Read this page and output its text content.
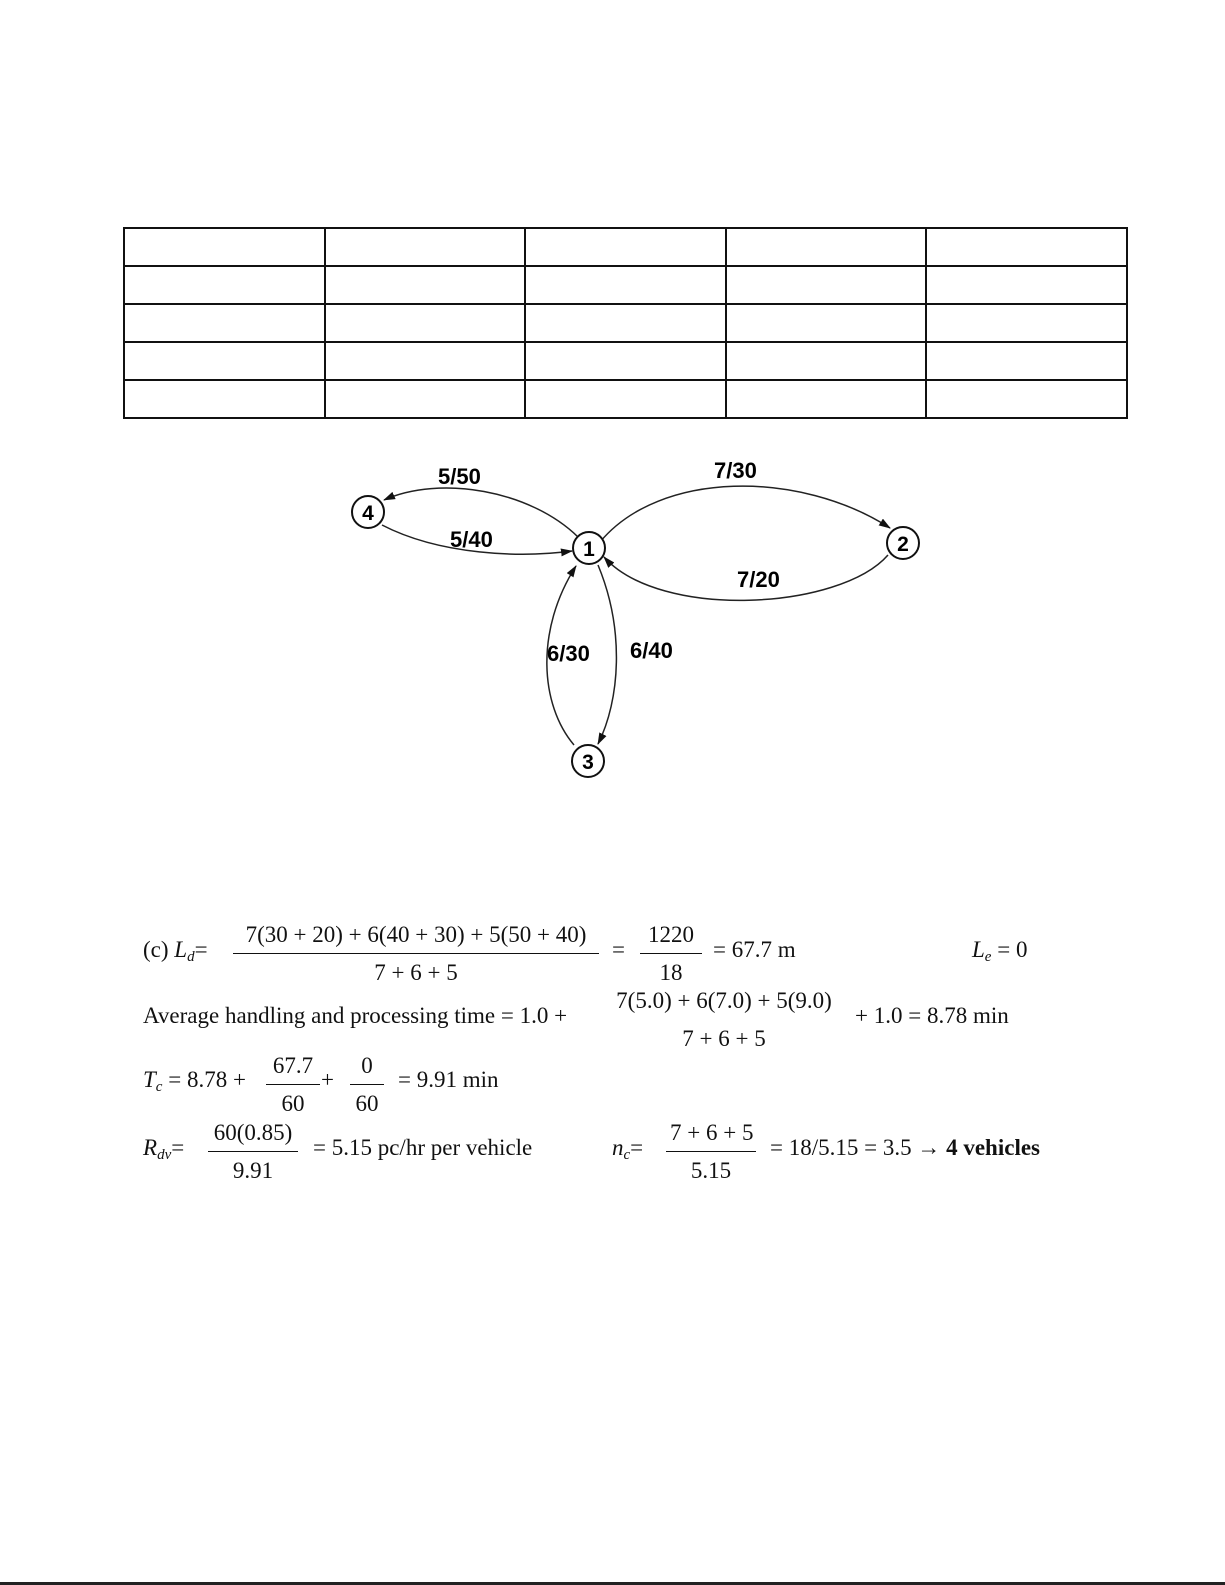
7/30
7/20
6/40
6/30
5/50
5/40	1	2
3
4
(c) $L_d=$
7(30 + 20) + 6(40 + 30) + 5(50 + 40)
7 + 6 + 5
=
1220
18
= 67.7 m	$L_e = 0$
Average handling and processing time = 1.0 +
7(5.0) + 6(7.0) + 5(9.0)
7 + 6 + 5
+ 1.0 = 8.78 min
$T_c = 8.78$ +
67.7
60
+
0
60
= 9.91 min
$R_{dv}=$
60(0.85)
9.91
= 5.15 pc/hr per vehicle	$n_c=$
7 + 6 + 5
5.15
= 18/5.15 = 3.5 → 4 vehicles
